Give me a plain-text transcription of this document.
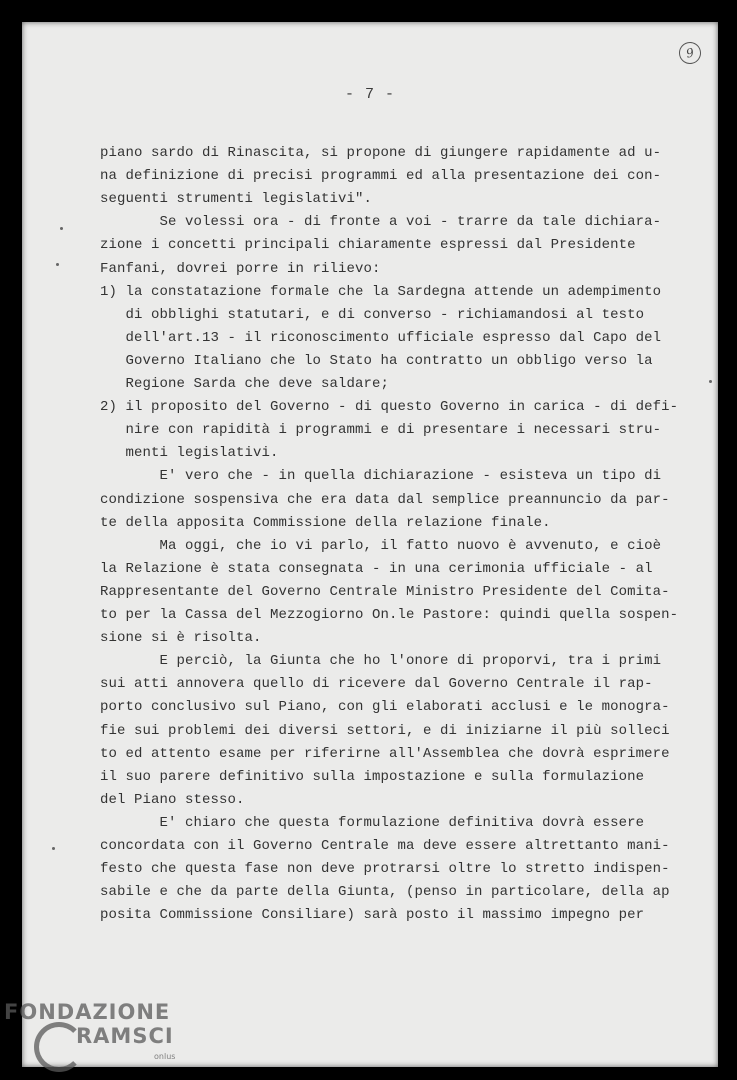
- 7 -
9
piano sardo di Rinascita, si propone di giungere rapidamente ad u-
na definizione di precisi programmi ed alla presentazione dei con-
seguenti strumenti legislativi".
Se volessi ora - di fronte a voi - trarre da tale dichiara-
zione i concetti principali chiaramente espressi dal Presidente
Fanfani, dovrei porre in rilievo:
1) la constatazione formale che la Sardegna attende un adempimento
di obblighi statutari, e di converso - richiamandosi al testo
dell'art.13 - il riconoscimento ufficiale espresso dal Capo del
Governo Italiano che lo Stato ha contratto un obbligo verso la
Regione Sarda che deve saldare;
2) il proposito del Governo - di questo Governo in carica - di defi-
nire con rapidità i programmi e di presentare i necessari stru-
menti legislativi.
E' vero che - in quella dichiarazione - esisteva un tipo di
condizione sospensiva che era data dal semplice preannuncio da par-
te della apposita Commissione della relazione finale.
Ma oggi, che io vi parlo, il fatto nuovo è avvenuto, e cioè
la Relazione è stata consegnata - in una cerimonia ufficiale - al
Rappresentante del Governo Centrale Ministro Presidente del Comita-
to per la Cassa del Mezzogiorno On.le Pastore: quindi quella sospen-
sione si è risolta.
E perciò, la Giunta che ho l'onore di proporvi, tra i primi
sui atti annovera quello di ricevere dal Governo Centrale il rap-
porto conclusivo sul Piano, con gli elaborati acclusi e le monogra-
fie sui problemi dei diversi settori, e di iniziarne il più solleci
to ed attento esame per riferirne all'Assemblea che dovrà esprimere
il suo parere definitivo sulla impostazione e sulla formulazione
del Piano stesso.
E' chiaro che questa formulazione definitiva dovrà essere
concordata con il Governo Centrale ma deve essere altrettanto mani-
festo che questa fase non deve protrarsi oltre lo stretto indispen-
sabile e che da parte della Giunta, (penso in particolare, della ap
posita Commissione Consiliare) sarà posto il massimo impegno per
FONDAZIONE
RAMSCI
onlus
